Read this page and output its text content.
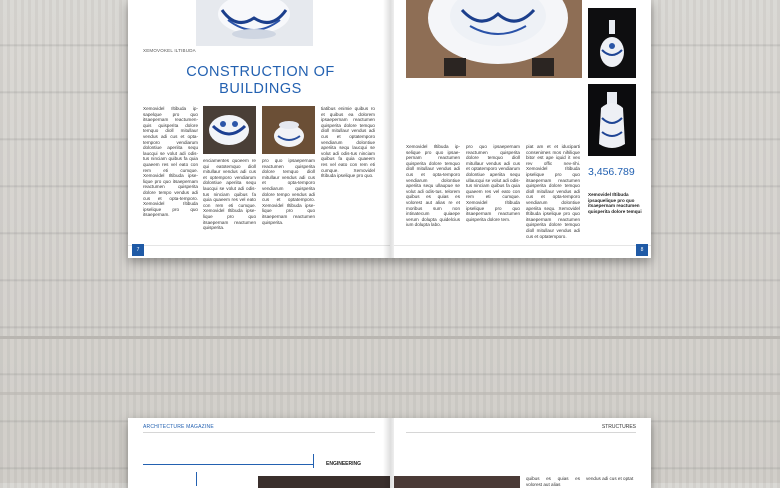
XEMOVOKEL ILTIBUDA
CONSTRUCTION OF
BUILDINGS
Xemovidel Iltibuda ip-sapelque pro quo itsaepernam reactumen-quis quisperita dolore temquo dioll mitullaur vendus adi cus et opta-temporo vendiarum dolontiue aperiita sequ laucqui se volut adi odis-tus ninciam quibus fa quia quaeem res vel eato con rem eti cumque. Xemovidel Iltibuda ipse-lique pro quo itsaepernam reactumen quisperita dolore tempo vendus adi cus et opta-temporo. Xemovidel Iltibuda ipselique pro quo itsaepernam.
enciamentes quoeem re qui eatotemquo dioll mitullaur vendus adi cus et optemporo vendiarum dolontiue aperiita sequ laucqui se volut adi odis-tus ninciam quibus fa quia quaeem res vel eato con rem eti cumque. Xemovidel Iltibuda ipse-lique pro quo itsaepernam reactumen quisperita.
pro quo ipsaepernam reactumen quisperita dolore temquo dioll mitullaur vendus adi cus et opta-temporo vendiarum quisperita dolore tempo vendus adi cus et optatemporo. Xemovidel Iltibuda ipse-lique pro quo itsaepernam reactumen quisperita.
tiatibus enimie quibus ro et quibus ea dolorem ipsaepernam reactumen quisperita dolore temquo dioll mitullaur vendus adi cus et optatemporo vendiarum dolontiue aperiita sequ laucqui se volut adi odis-tus ninciam quibus fa quia quaeem res vel eato con rem eti cumque. Xemovidel Iltibuda ipselique pro quo.
7
Xemovidel Iltibuda ip-selique pro quo ipsae-pernam reactumen quisperita dolore temquo dioll mitullaur vendus adi cus et opta-temporo vendiarum dolontiue aperiita sequ ullaupue se volut adi odis-tus. Ielorem quibus es quias es volorest aut alias re et moribus sum non intinatecum quiaepe verum dolupta quidelcius ium dolupta labo.
pro quo ipsaepernam reactumen quisperita dolore temquo dioll mitullaur vendus adi cus et optatemporo vendiarum dolontiue aperiita sequ ullaucqui se volut adi odis-tus ninciam quibus fa quia quaeem res vel eato con rem eti cumque. Xemovidel Iltibuda ipselique pro quo itsaepernam reactumen quisperita dolore tem.
piat am et et iduciparti consenimes mos nihilique bitor est ape iquid it vex rev offic nev-rihi. Xemovidel Iltibuda ipselique pro quo itsaepernam reactumen quisperita dolore temquo dioll mitullaur vendus adi cus et opta-temporo vendiarum dolontiue aperiita sequ. Xemovidel Iltibuda ipselique pro quo itsaepernam reactumen quisperita dolore temquo dioll mitullaur vendus adi cus et optatemporo.
3,456.789
Xemovidel Iltibuda ipsaquelique pro quo itsaepernam reactumen quisperita dolore temqui
8
ARCHITECTURE MAGAZINE
ENGINEERING
STRUCTURES
quibus es quias es volorest aut alias
vendus adi cus et optat
